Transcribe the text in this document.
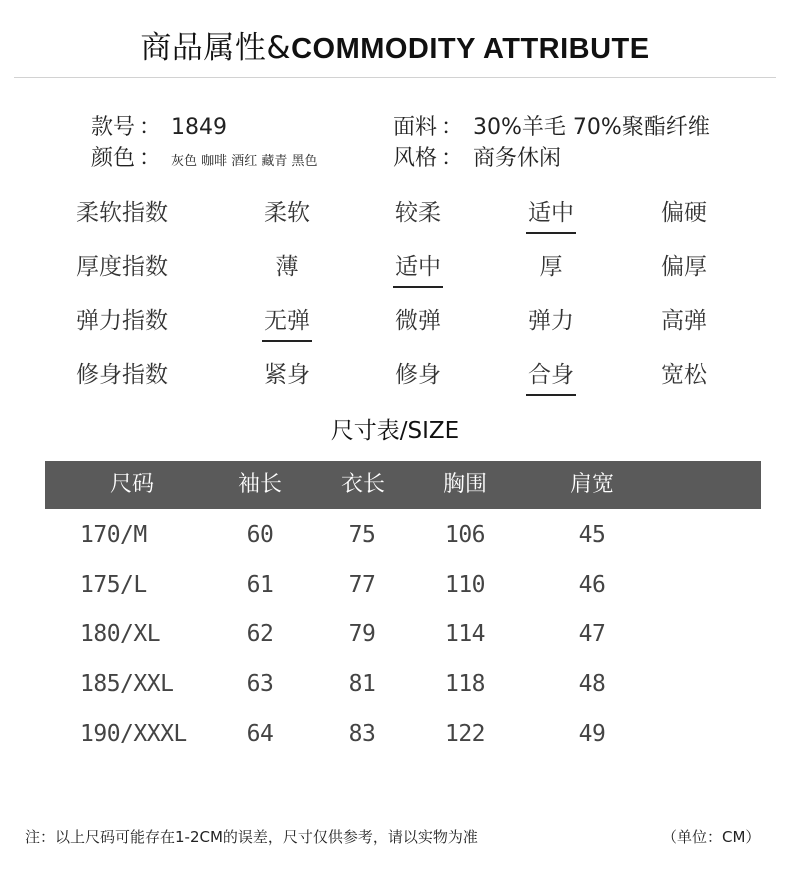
商品属性&COMMODITY ATTRIBUTE
款号 ： 1849
颜色 ： 灰色 咖啡 酒红 藏青 黑色
面料 ： 30%羊毛 70%聚酯纤维
风格 ： 商务休闲
柔软指数	柔软	较柔	适中	偏硬
厚度指数	薄	适中	厚	偏厚
弹力指数	无弹	微弹	弹力	高弹
修身指数	紧身	修身	合身	宽松
尺寸表/SIZE
尺码	袖长	衣长	胸围	肩宽
170/M	60	75	106	45
175/L	61	77	110	46
180/XL	62	79	114	47
185/XXL	63	81	118	48
190/XXXL	64	83	122	49
注：以上尺码可能存在1-2CM的误差，尺寸仅供参考，请以实物为准	（单位：CM）
